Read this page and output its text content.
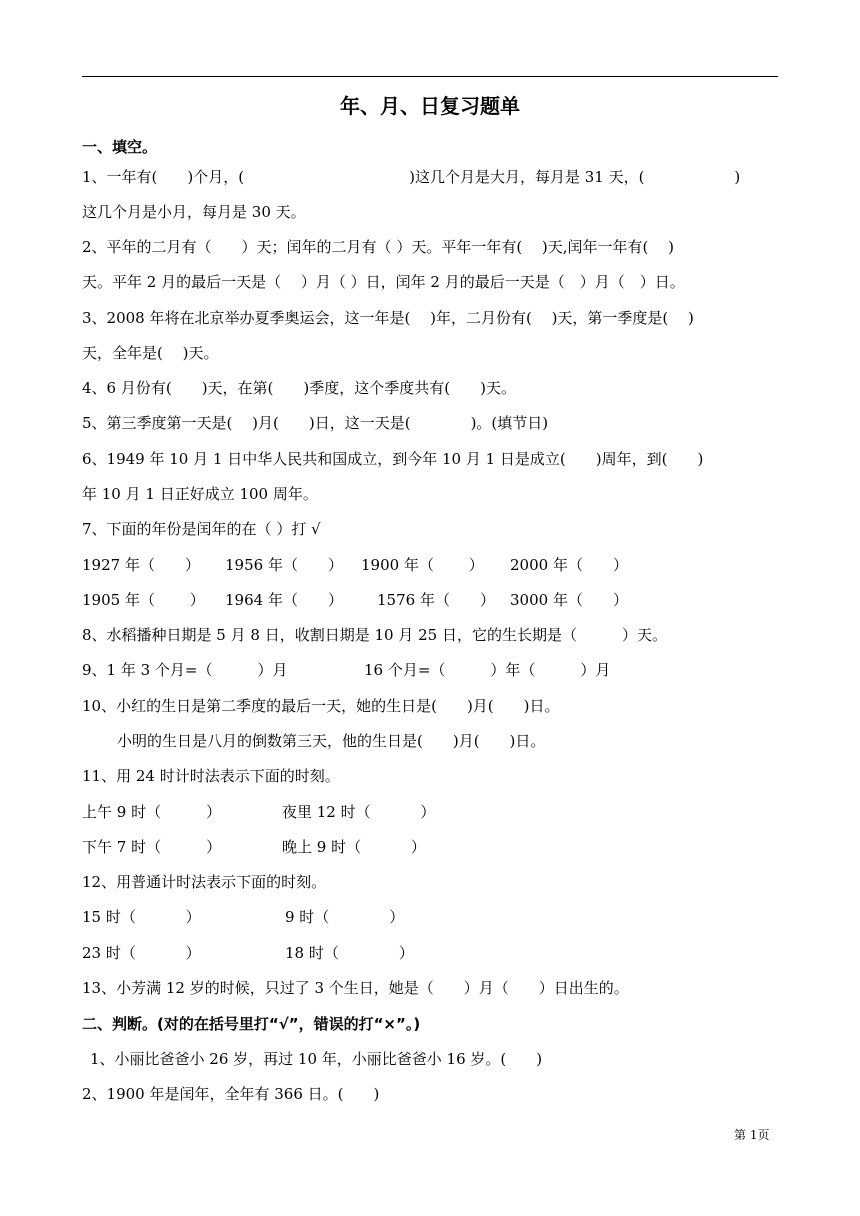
年、月、日复习题单
一、填空。
1、一年有(　　)个月，(　　　　　　　　　　　)这几个月是大月，每月是 31 天，(　　　　　　)
这几个月是小月，每月是 30 天。
2、平年的二月有（　　）天；闰年的二月有（ ）天。平年一年有(　 )天,闰年一年有(　 )
天。平年 2 月的最后一天是（　 ）月（ ）日，闰年 2 月的最后一天是（　）月（　）日。
3、2008 年将在北京举办夏季奥运会，这一年是(　 )年，二月份有(　 )天，第一季度是(　 )
天，全年是(　 )天。
4、6 月份有(　　)天，在第(　　)季度，这个季度共有(　　)天。
5、第三季度第一天是(　 )月(　　)日，这一天是(　　　　)。(填节日)
6、1949 年 10 月 1 日中华人民共和国成立，到今年 10 月 1 日是成立(　　)周年，到(　　)
年 10 月 1 日正好成立 100 周年。
7、下面的年份是闰年的在（ ）打 √
1927 年（　　） 1956 年（　　） 1900 年（　　 ） 2000 年（　　）
1905 年（　　 ） 1964 年（　　） 1576 年（　　） 3000 年（　　）
8、水稻播种日期是 5 月 8 日，收割日期是 10 月 25 日，它的生长期是（　　　）天。
9、1 年 3 个月=（　　　）月	16 个月=（　　　）年（　　　）月
10、小红的生日是第二季度的最后一天，她的生日是(　　)月(　　)日。
小明的生日是八月的倒数第三天，他的生日是(　　)月(　　)日。
11、用 24 时计时法表示下面的时刻。
上午 9 时（　　　）	夜里 12 时（　　　 ）
下午 7 时（　　　）	晚上 9 时（　　　 ）
12、用普通计时法表示下面的时刻。
15 时（　　　 ）	9 时（　　　　）
23 时（　　　 ）	18 时（　　　　）
13、小芳满 12 岁的时候，只过了 3 个生日，她是（　　）月（　　）日出生的。
二、判断。(对的在括号里打“√”，错误的打“×”。)
1、小丽比爸爸小 26 岁，再过 10 年，小丽比爸爸小 16 岁。(　　)
2、1900 年是闰年，全年有 366 日。(　　)
第 1页
